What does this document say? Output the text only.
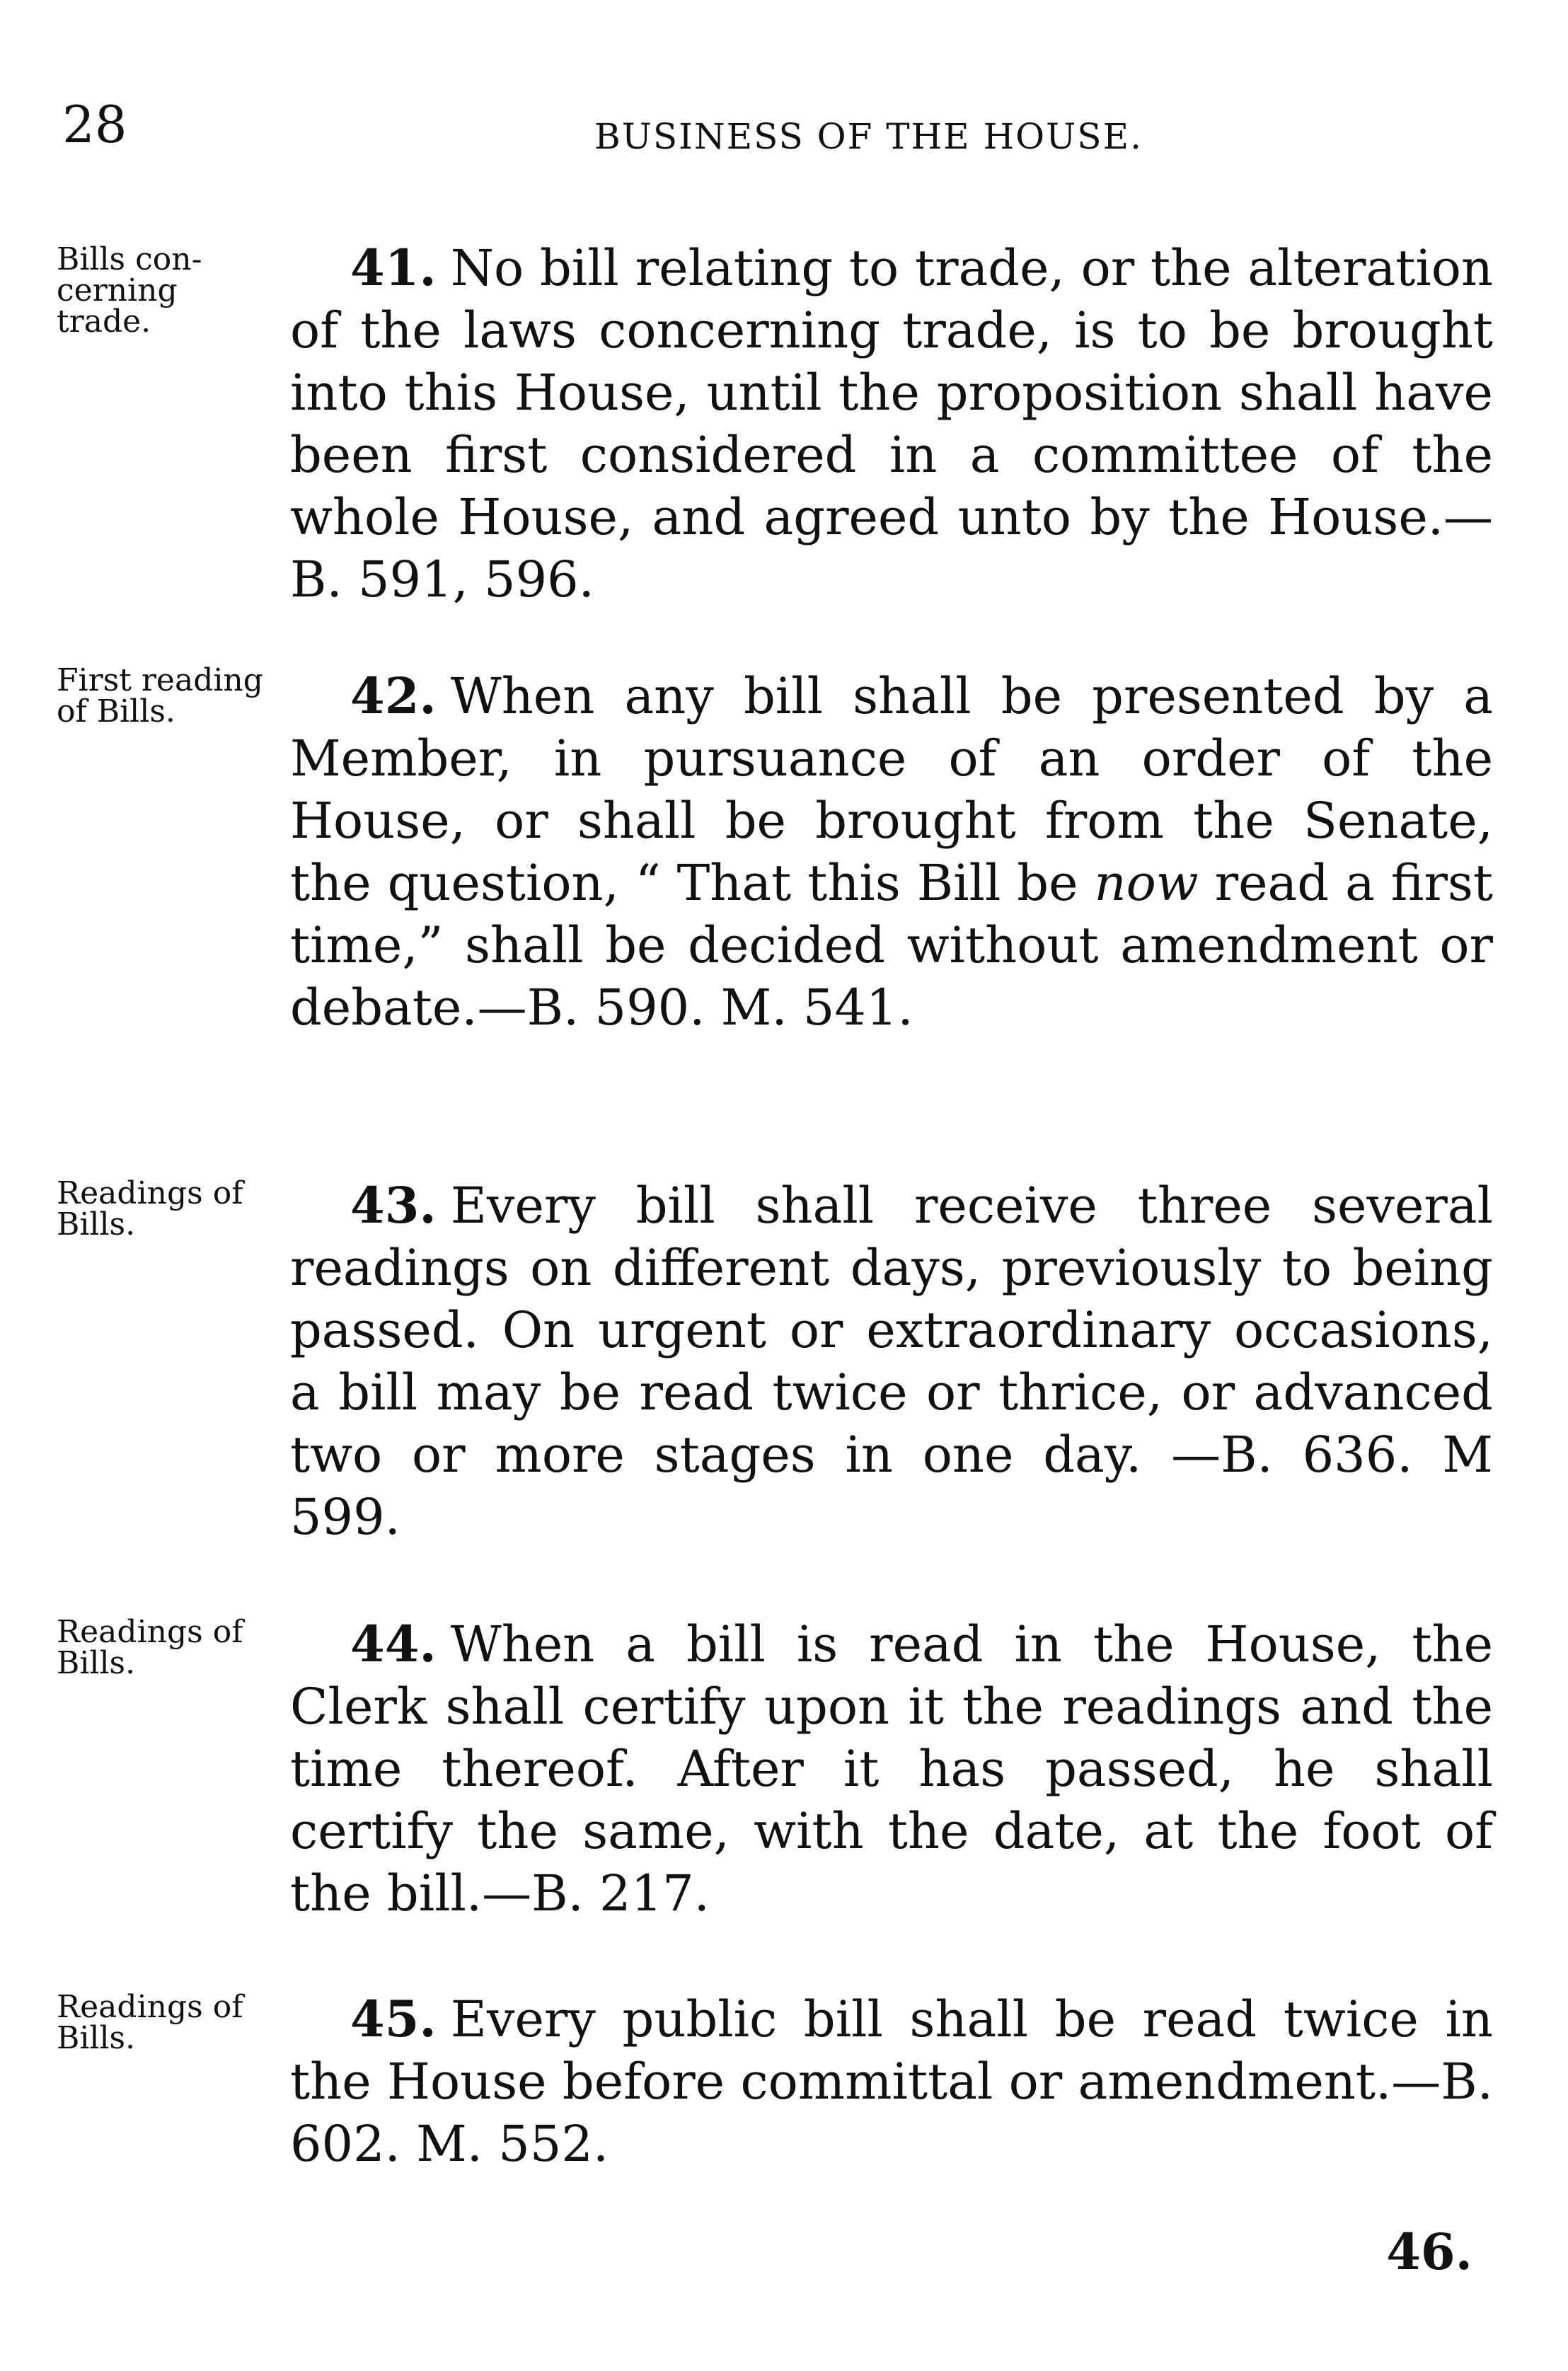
28	BUSINESS OF THE HOUSE.
Bills con- cerning trade.
41. No bill relating to trade, or the alteration of the laws concerning trade, is to be brought into this House, until the proposition shall have been first considered in a committee of the whole House, and agreed unto by the House.—B. 591, 596.
First reading of Bills.	42. When any bill shall be presented by a Member, in pursuance of an order of the House, or shall be brought from the Senate, the question, “ That this Bill be now read a first time,” shall be decided without amendment or debate.—B. 590. M. 541.
Readings of Bills.	43. Every bill shall receive three several readings on different days, previously to being passed. On urgent or extraordinary occasions, a bill may be read twice or thrice, or advanced two or more stages in one day. —B. 636. M 599.
Readings of Bills.	44. When a bill is read in the House, the Clerk shall certify upon it the readings and the time thereof. After it has passed, he shall certify the same, with the date, at the foot of the bill.—B. 217.
Readings of Bills.	45. Every public bill shall be read twice in the House before committal or amendment.—B. 602. M. 552.
46.
